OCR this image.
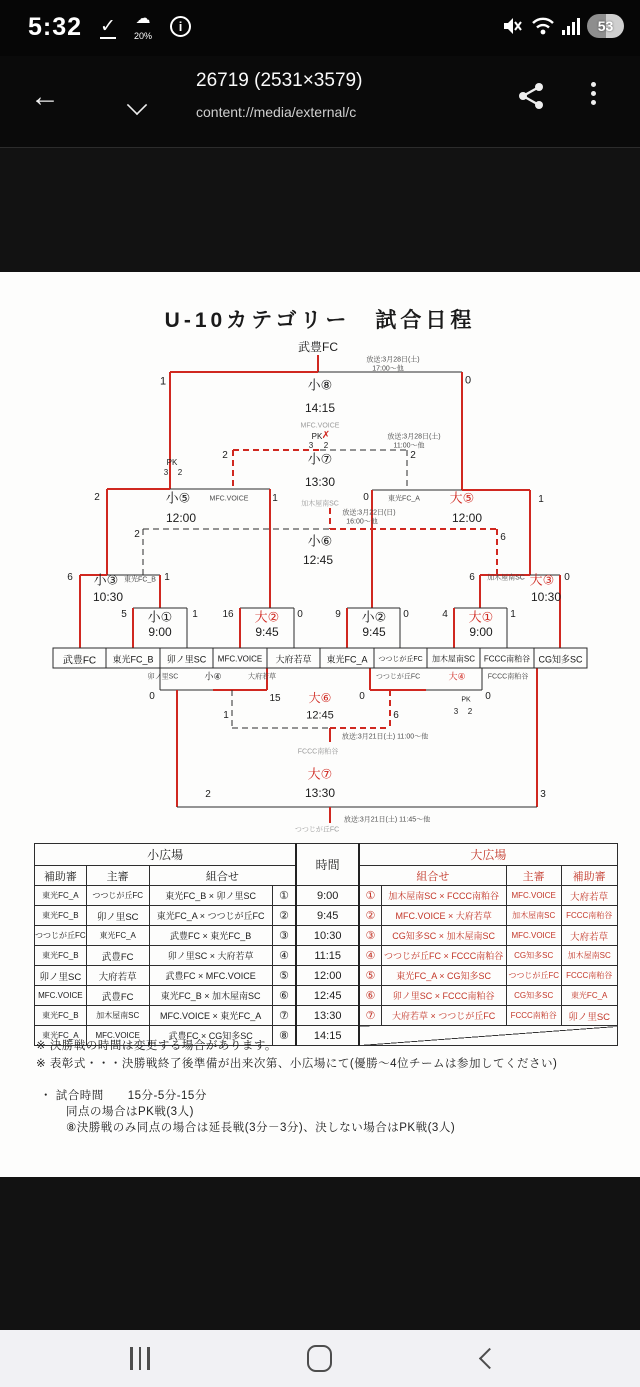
5:32 ✓ ☁
20%
i	53
←	26719 (2531×3579)
content://media/external/c
U-10カテゴリー　試合日程
武豊FC 東光FC_B 卯ノ里SC MFC.VOICE 大府若草 東光FC_A つつじが丘FC 加木屋南SC FCCC南粕谷 CG知多SC
武豊FC
放送:3月28日(土)
17:00～他
1	0
小⑧
14:15
MFC.VOICE
PK ✗
3 2
放送:3月28日(土)
11:00～他
2	2
小⑦
13:30
PK
3 2
2	小⑤	MFC.VOICE 1
12:00
0	東光FC_A 大⑤	1
12:00
加木屋南SC
放送:3月22日(日)
16:00～他
2	6
小⑥
12:45
6 小③ 東光FC_B 1
10:30
6 加木屋南SC 大③ 0
10:30
5 小① 1
9:00
16 大② 0
9:45
9 小② 0
9:45
4 大① 1
9:00
卯ノ里SC	小④	大府若草	つつじが丘FC	大④	FCCC南粕谷
0	15 大⑥	0	PK 0
3 2
1	12:45	6
放送:3月21日(土) 11:00～他
FCCC南粕谷
大⑦
13:30
2	3
放送:3月21日(土) 11:45～他
つつじが丘FC
小広場				時間	大広場			
補助審	主審	組合せ			組合せ		主審	補助審
東光FC_A	つつじが丘FC	東光FC_B × 卯ノ里SC	①	9:00	①	加木屋南SC × FCCC南粕谷	MFC.VOICE	大府若草
東光FC_B	卯ノ里SC	東光FC_A × つつじが丘FC	②	9:45	②	MFC.VOICE × 大府若草	加木屋南SC	FCCC南粕谷
つつじが丘FC	東光FC_A	武豊FC × 東光FC_B	③	10:30	③	CG知多SC × 加木屋南SC	MFC.VOICE	大府若草
東光FC_B	武豊FC	卯ノ里SC × 大府若草	④	11:15	④	つつじが丘FC × FCCC南粕谷	CG知多SC	加木屋南SC
卯ノ里SC	大府若草	武豊FC × MFC.VOICE	⑤	12:00	⑤	東光FC_A × CG知多SC	つつじが丘FC	FCCC南粕谷
MFC.VOICE	武豊FC	東光FC_B × 加木屋南SC	⑥	12:45	⑥	卯ノ里SC × FCCC南粕谷	CG知多SC	東光FC_A
東光FC_B	加木屋南SC	MFC.VOICE × 東光FC_A	⑦	13:30	⑦	大府若草 × つつじが丘FC	FCCC南粕谷	卯ノ里SC
東光FC_A	MFC.VOICE	武豊FC × CG知多SC	⑧	14:15				
※ 決勝戦の時間は変更する場合があります。
※ 表彰式・・・決勝戦終了後準備が出来次第、小広場にて(優勝～4位チームは参加してください)
・ 試合時間　　15分-5分-15分
同点の場合はPK戦(3人)
⑧決勝戦のみ同点の場合は延長戦(3分－3分)、決しない場合はPK戦(3人)
